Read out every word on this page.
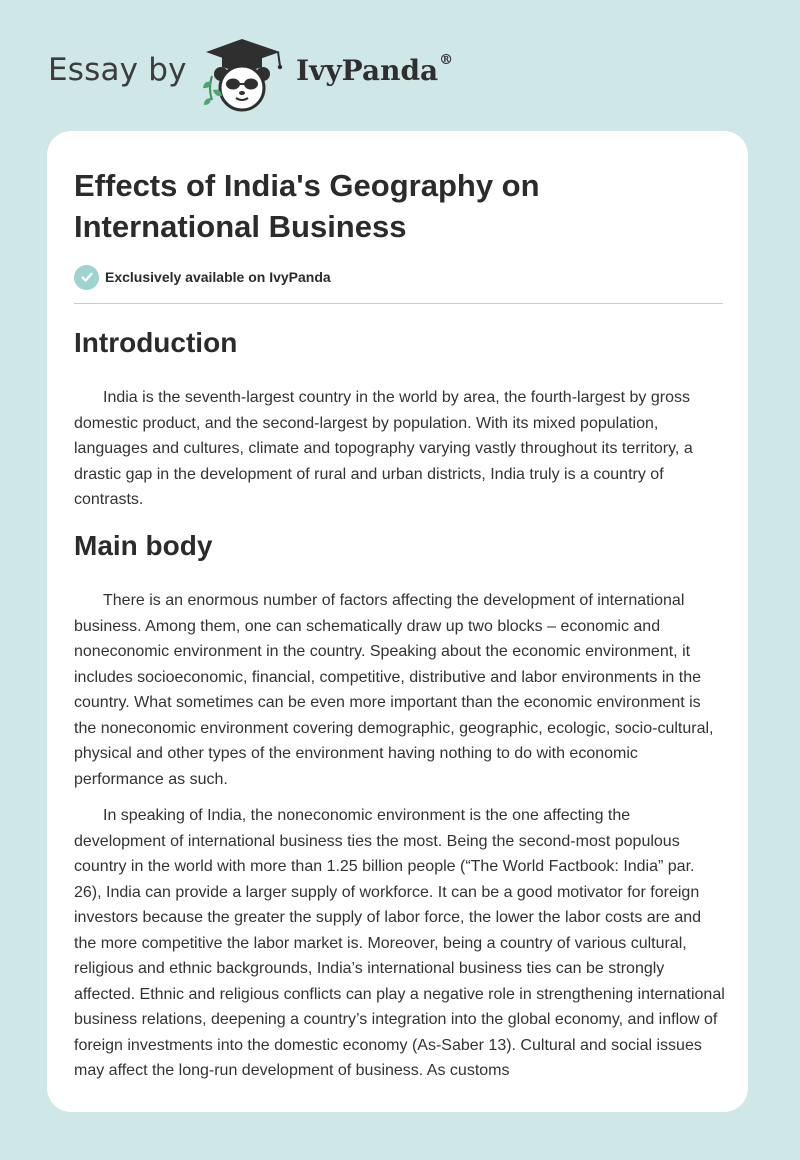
Essay by	IvyPanda®
Effects of India's Geography on International Business
Exclusively available on IvyPanda
Introduction

India is the seventh-largest country in the world by area, the fourth-largest by gross domestic product, and the second-largest by population. With its mixed population, languages and cultures, climate and topography varying vastly throughout its territory, a drastic gap in the development of rural and urban districts, India truly is a country of contrasts.

Main body

There is an enormous number of factors affecting the development of international business. Among them, one can schematically draw up two blocks – economic and noneconomic environment in the country. Speaking about the economic environment, it includes socioeconomic, financial, competitive, distributive and labor environments in the country. What sometimes can be even more important than the economic environment is the noneconomic environment covering demographic, geographic, ecologic, socio-cultural, physical and other types of the environment having nothing to do with economic performance as such.

In speaking of India, the noneconomic environment is the one affecting the development of international business ties the most. Being the second-most populous country in the world with more than 1.25 billion people (“The World Factbook: India” par. 26), India can provide a larger supply of workforce. It can be a good motivator for foreign investors because the greater the supply of labor force, the lower the labor costs are and the more competitive the labor market is. Moreover, being a country of various cultural, religious and ethnic backgrounds, India’s international business ties can be strongly affected. Ethnic and religious conflicts can play a negative role in strengthening international business relations, deepening a country’s integration into the global economy, and inflow of foreign investments into the domestic economy (As-Saber 13). Cultural and social issues may affect the long-run development of business. As customs
